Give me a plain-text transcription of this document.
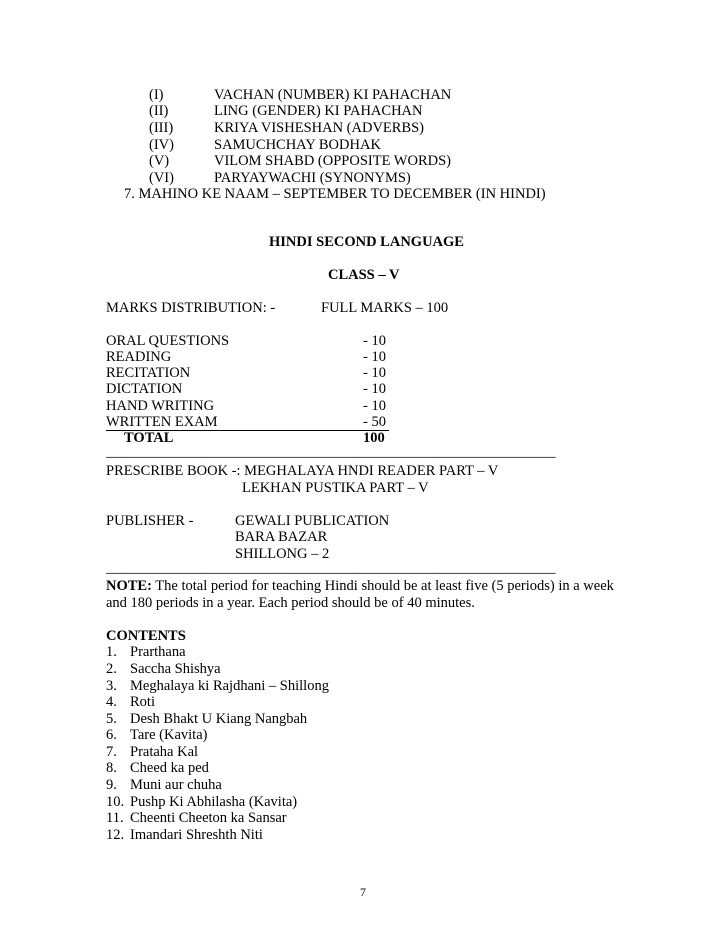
(I)	VACHAN (NUMBER) KI PAHACHAN
(II)	LING (GENDER) KI PAHACHAN
(III)	KRIYA VISHESHAN (ADVERBS)
(IV)	SAMUCHCHAY BODHAK
(V)	VILOM SHABD (OPPOSITE WORDS)
(VI)	PARYAYWACHI (SYNONYMS)
7. MAHINO KE NAAM – SEPTEMBER TO DECEMBER (IN HINDI)
HINDI SECOND LANGUAGE
CLASS – V
MARKS DISTRIBUTION: -	FULL MARKS – 100
ORAL QUESTIONS	- 10
READING	- 10
RECITATION	- 10
DICTATION	- 10
HAND WRITING	- 10
WRITTEN EXAM	- 50
TOTAL	100
______________________________________________________________
PRESCRIBE BOOK -: MEGHALAYA HNDI READER PART – V
LEKHAN PUSTIKA PART – V
PUBLISHER -	GEWALI PUBLICATION
BARA BAZAR
SHILLONG – 2
______________________________________________________________
NOTE: The total period for teaching Hindi should be at least five (5 periods) in a week
and 180 periods in a year. Each period should be of 40 minutes.
CONTENTS
1. Prarthana
2. Saccha Shishya
3. Meghalaya ki Rajdhani – Shillong
4. Roti
5. Desh Bhakt U Kiang Nangbah
6. Tare (Kavita)
7. Prataha Kal
8. Cheed ka ped
9. Muni aur chuha
10. Pushp Ki Abhilasha (Kavita)
11. Cheenti Cheeton ka Sansar
12. Imandari Shreshth Niti
7
